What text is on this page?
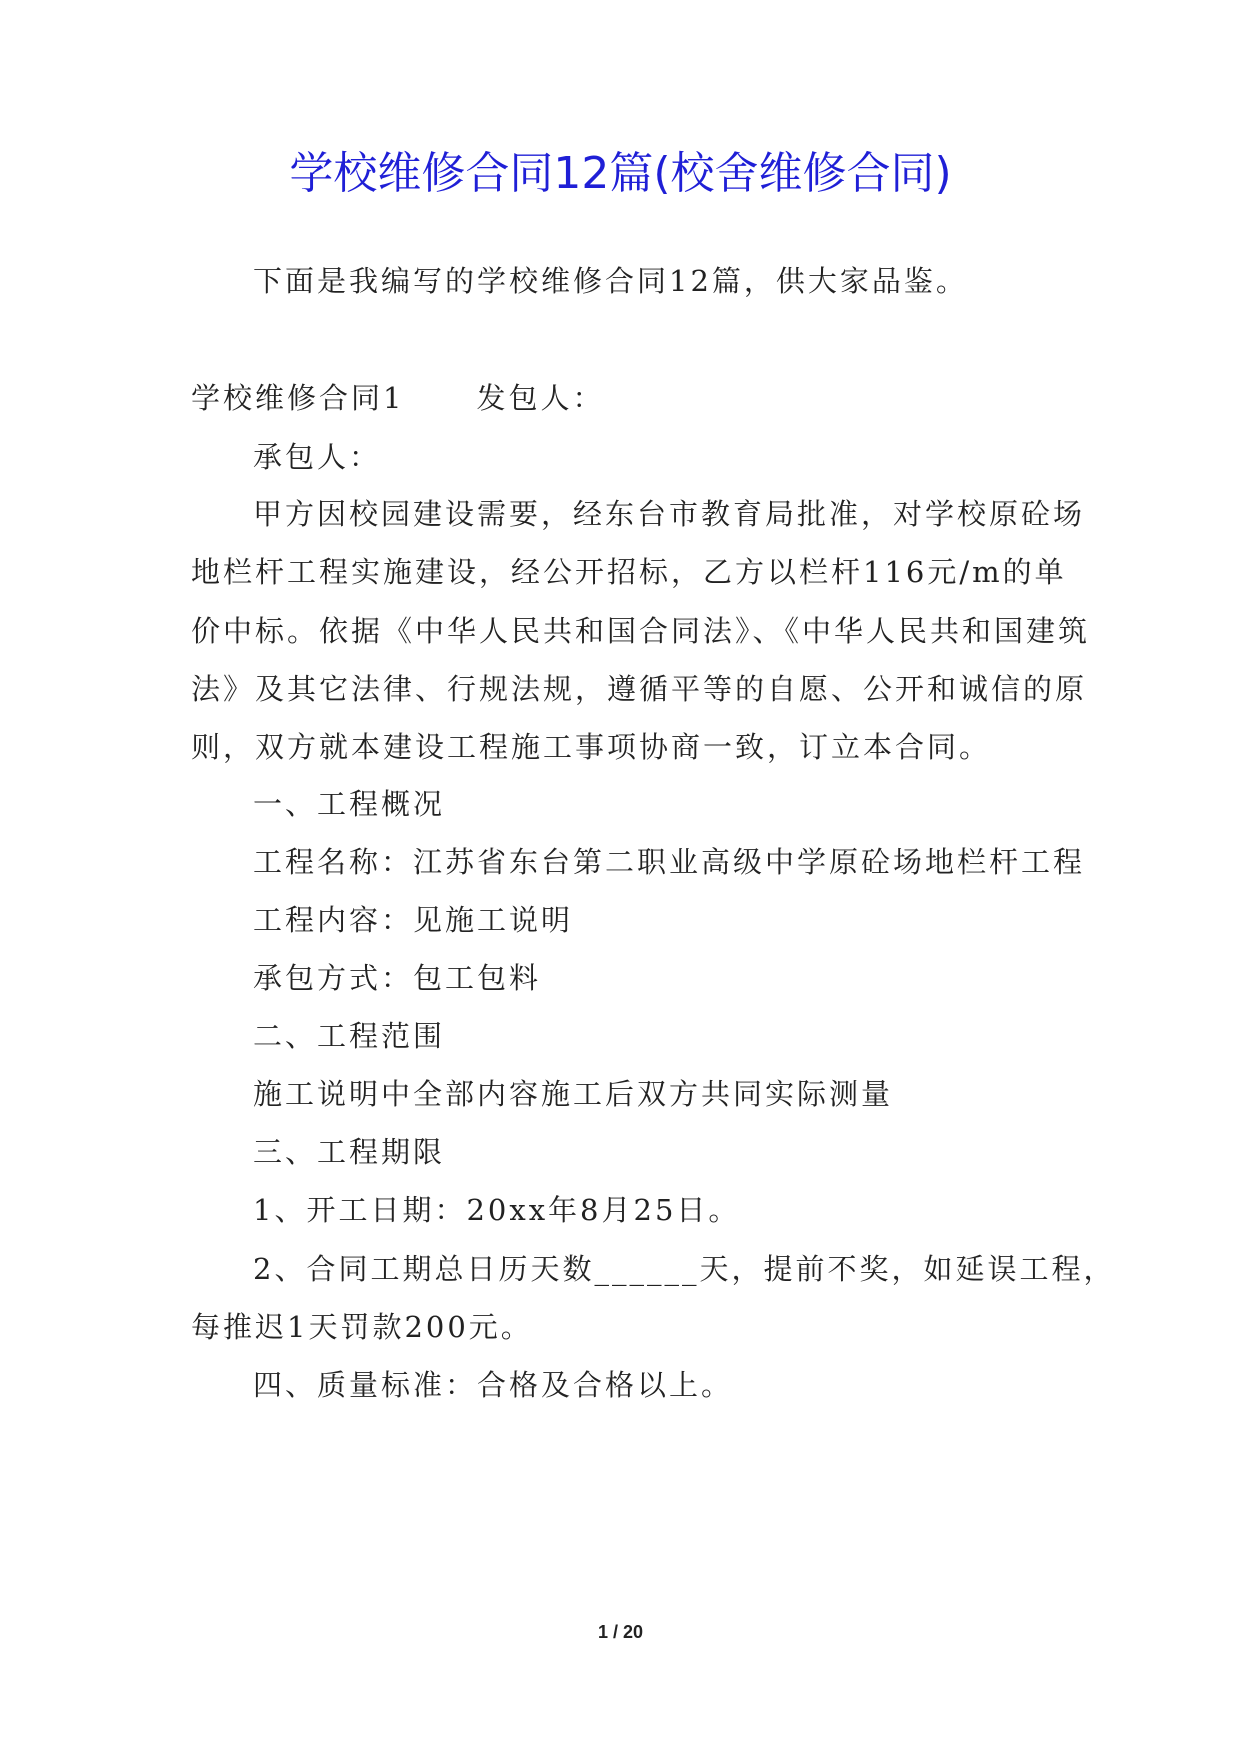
学校维修合同12篇(校舍维修合同)
下面是我编写的学校维修合同12篇，供大家品鉴。
学校维修合同1 发包人：
承包人：
甲方因校园建设需要，经东台市教育局批准，对学校原砼场
地栏杆工程实施建设，经公开招标，乙方以栏杆116元/m的单
价中标。依据《中华人民共和国合同法》、《中华人民共和国建筑
法》及其它法律、行规法规，遵循平等的自愿、公开和诚信的原
则，双方就本建设工程施工事项协商一致，订立本合同。
一、工程概况
工程名称：江苏省东台第二职业高级中学原砼场地栏杆工程
工程内容：见施工说明
承包方式：包工包料
二、工程范围
施工说明中全部内容施工后双方共同实际测量
三、工程期限
1、开工日期：20xx年8月25日。
2、合同工期总日历天数______天，提前不奖，如延误工程，
每推迟1天罚款200元。
四、质量标准：合格及合格以上。
1 / 20
